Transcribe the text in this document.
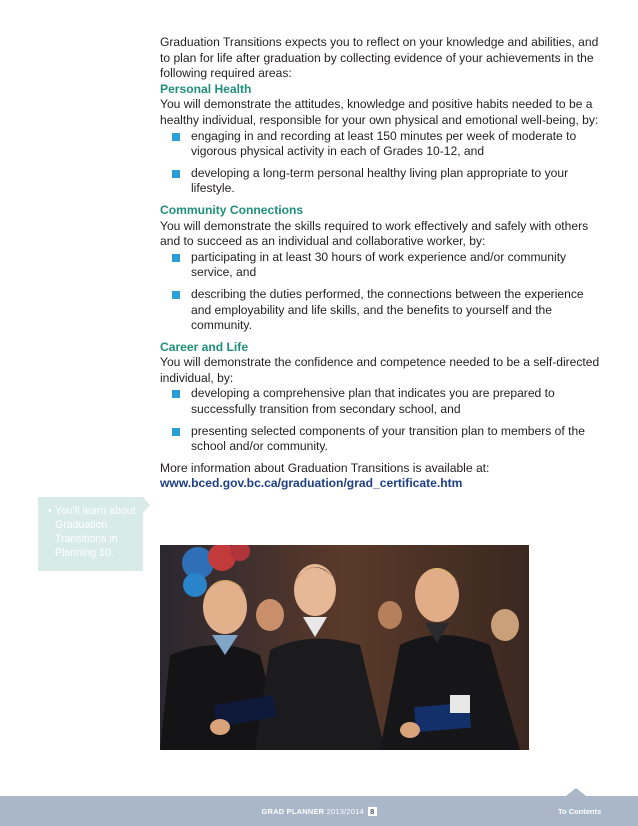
Graduation Transitions expects you to reflect on your knowledge and abilities, and to plan for life after graduation by collecting evidence of your achievements in the following required areas:

Personal Health

You will demonstrate the attitudes, knowledge and positive habits needed to be a healthy individual, responsible for your own physical and emotional well-being, by:

engaging in and recording at least 150 minutes per week of moderate to vigorous physical activity in each of Grades 10-12, and
developing a long-term personal healthy living plan appropriate to your lifestyle.

Community Connections

You will demonstrate the skills required to work effectively and safely with others and to succeed as an individual and collaborative worker, by:

participating in at least 30 hours of work experience and/or community service, and
describing the duties performed, the connections between the experience and employability and life skills, and the benefits to yourself and the community.

Career and Life

You will demonstrate the confidence and competence needed to be a self-directed individual, by:

developing a comprehensive plan that indicates you are prepared to successfully transition from secondary school, and
presenting selected components of your transition plan to members of the school and/or community.

More information about Graduation Transitions is available at:

www.bced.gov.bc.ca/graduation/grad_certificate.htm

• You'll learn about Graduation Transitions in Planning 10.
GRAD PLANNER 2013/2014 8	To Contents
